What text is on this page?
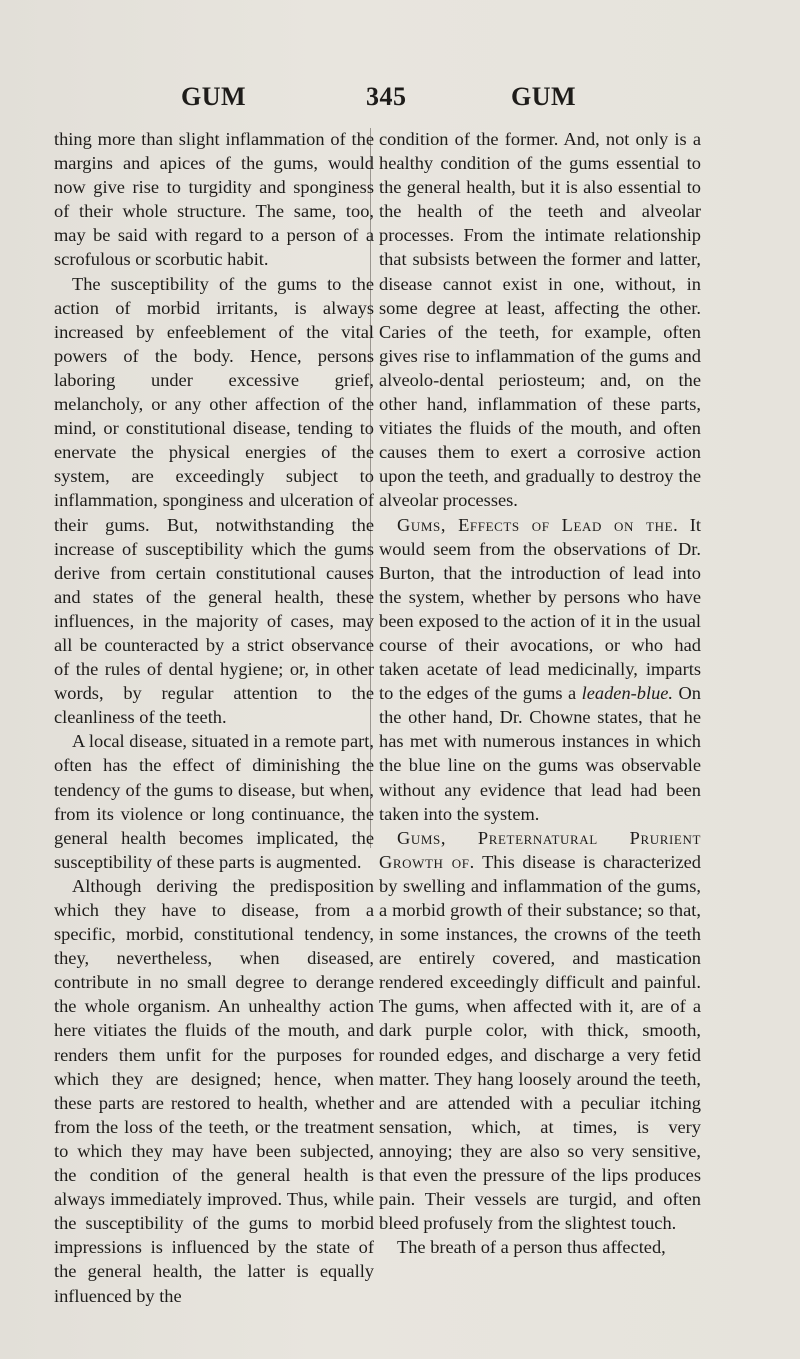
GUM	345	GUM

thing more than slight inflammation of the margins and apices of the gums, would now give rise to turgidity and sponginess of their whole structure. The same, too, may be said with regard to a person of a scrofulous or scorbutic habit.

The susceptibility of the gums to the action of morbid irritants, is always increased by enfeeblement of the vital powers of the body. Hence, persons laboring under excessive grief, melancholy, or any other affection of the mind, or constitutional disease, tending to enervate the physical energies of the system, are exceedingly subject to inflammation, sponginess and ulceration of their gums. But, notwithstanding the increase of susceptibility which the gums derive from certain constitutional causes and states of the general health, these influences, in the majority of cases, may all be counteracted by a strict observance of the rules of dental hygiene; or, in other words, by regular attention to the cleanliness of the teeth.

A local disease, situated in a remote part, often has the effect of diminishing the tendency of the gums to disease, but when, from its violence or long continuance, the general health becomes implicated, the susceptibility of these parts is augmented.

Although deriving the predisposition which they have to disease, from a specific, morbid, constitutional tendency, they, nevertheless, when diseased, contribute in no small degree to derange the whole organism. An unhealthy action here vitiates the fluids of the mouth, and renders them unfit for the purposes for which they are designed; hence, when these parts are restored to health, whether from the loss of the teeth, or the treatment to which they may have been subjected, the condition of the general health is always immediately improved. Thus, while the susceptibility of the gums to morbid impressions is influenced by the state of the general health, the latter is equally influenced by the

condition of the former. And, not only is a healthy condition of the gums essential to the general health, but it is also essential to the health of the teeth and alveolar processes. From the intimate relationship that subsists between the former and latter, disease cannot exist in one, without, in some degree at least, affecting the other. Caries of the teeth, for example, often gives rise to inflammation of the gums and alveolo-dental periosteum; and, on the other hand, inflammation of these parts, vitiates the fluids of the mouth, and often causes them to exert a corrosive action upon the teeth, and gradually to destroy the alveolar processes.

Gums, Effects of Lead on the. It would seem from the observations of Dr. Burton, that the introduction of lead into the system, whether by persons who have been exposed to the action of it in the usual course of their avocations, or who had taken acetate of lead medicinally, imparts to the edges of the gums a leaden-blue. On the other hand, Dr. Chowne states, that he has met with numerous instances in which the blue line on the gums was observable without any evidence that lead had been taken into the system.

Gums, Preternatural Prurient Growth of. This disease is characterized by swelling and inflammation of the gums, a morbid growth of their substance; so that, in some instances, the crowns of the teeth are entirely covered, and mastication rendered exceedingly difficult and painful. The gums, when affected with it, are of a dark purple color, with thick, smooth, rounded edges, and discharge a very fetid matter. They hang loosely around the teeth, and are attended with a peculiar itching sensation, which, at times, is very annoying; they are also so very sensitive, that even the pressure of the lips produces pain. Their vessels are turgid, and often bleed profusely from the slightest touch.

The breath of a person thus affected,
